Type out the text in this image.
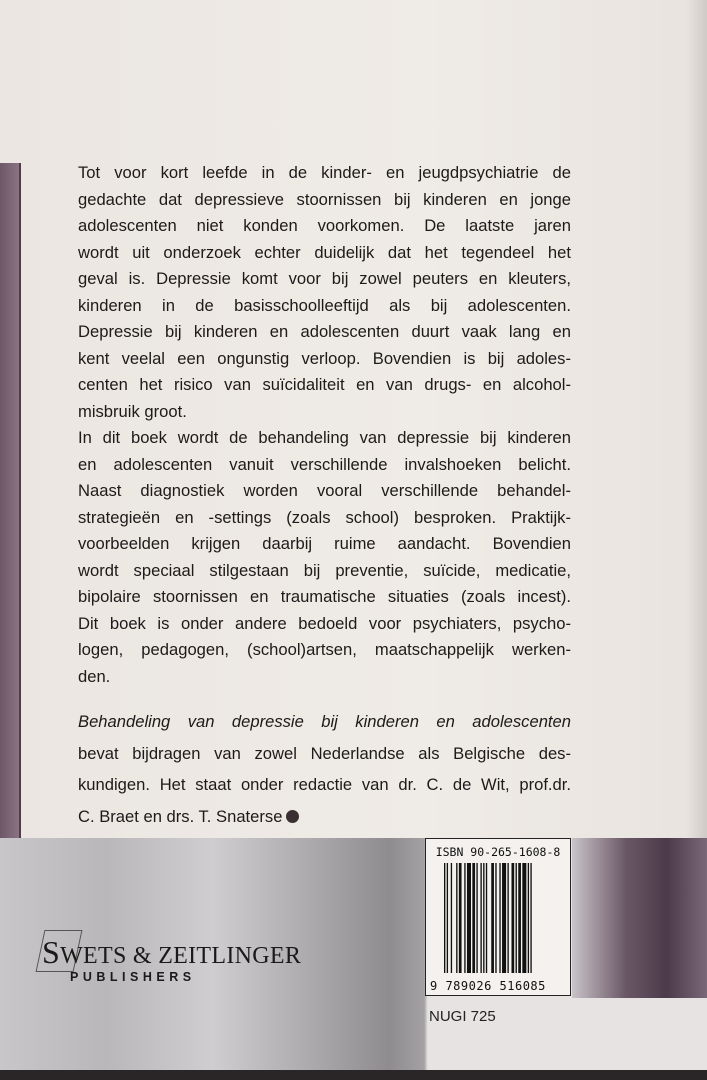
Tot voor kort leefde in de kinder- en jeugdpsychiatrie de
gedachte dat depressieve stoornissen bij kinderen en jonge
adolescenten niet konden voorkomen. De laatste jaren
wordt uit onderzoek echter duidelijk dat het tegendeel het
geval is. Depressie komt voor bij zowel peuters en kleuters,
kinderen in de basisschoolleeftijd als bij adolescenten.
Depressie bij kinderen en adolescenten duurt vaak lang en
kent veelal een ongunstig verloop. Bovendien is bij adoles-
centen het risico van suïcidaliteit en van drugs- en alcohol-
misbruik groot.
In dit boek wordt de behandeling van depressie bij kinderen
en adolescenten vanuit verschillende invalshoeken belicht.
Naast diagnostiek worden vooral verschillende behandel-
strategieën en -settings (zoals school) besproken. Praktijk-
voorbeelden krijgen daarbij ruime aandacht. Bovendien
wordt speciaal stilgestaan bij preventie, suïcide, medicatie,
bipolaire stoornissen en traumatische situaties (zoals incest).
Dit boek is onder andere bedoeld voor psychiaters, psycho-
logen, pedagogen, (school)artsen, maatschappelijk werken-
den.
Behandeling van depressie bij kinderen en adolescenten
bevat bijdragen van zowel Nederlandse als Belgische des-
kundigen. Het staat onder redactie van dr. C. de Wit, prof.dr.
C. Braet en drs. T. Snaterse
ISBN 90-265-1608-8
9 789026 516085
NUGI 725
SWETS & ZEITLINGER
PUBLISHERS
